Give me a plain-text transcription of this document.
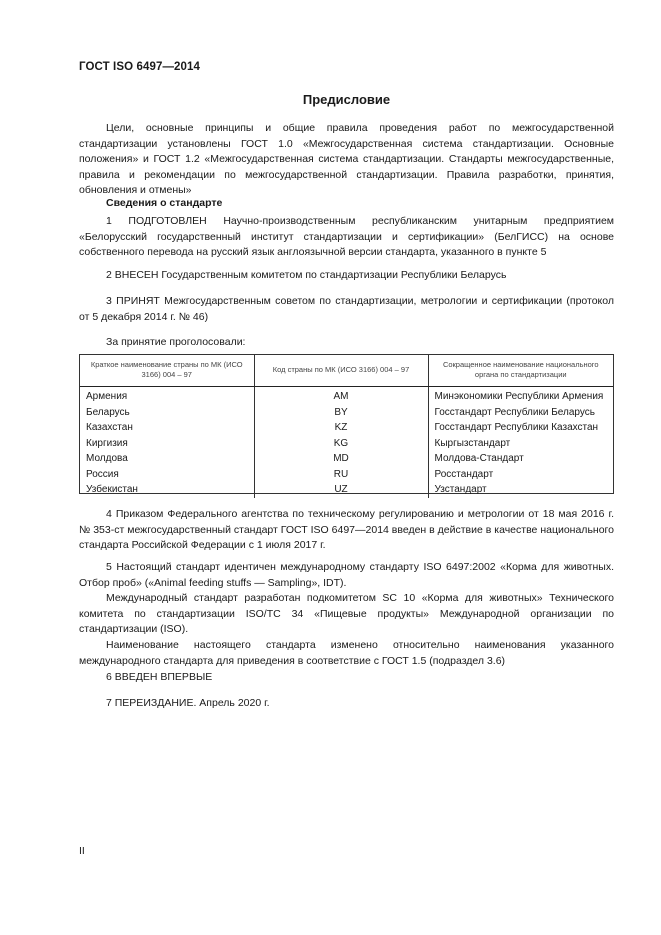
ГОСТ ISO 6497—2014
Предисловие
Цели, основные принципы и общие правила проведения работ по межгосударственной стандартизации установлены ГОСТ 1.0 «Межгосударственная система стандартизации. Основные положения» и ГОСТ 1.2 «Межгосударственная система стандартизации. Стандарты межгосударственные, правила и рекомендации по межгосударственной стандартизации. Правила разработки, принятия, обновления и отмены»
Сведения о стандарте
1 ПОДГОТОВЛЕН Научно-производственным республиканским унитарным предприятием «Белорусский государственный институт стандартизации и сертификации» (БелГИСС) на основе собственного перевода на русский язык англоязычной версии стандарта, указанного в пункте 5
2 ВНЕСЕН Государственным комитетом по стандартизации Республики Беларусь
3 ПРИНЯТ Межгосударственным советом по стандартизации, метрологии и сертификации (протокол от 5 декабря 2014 г. № 46)
За принятие проголосовали:
Краткое наименование страны по МК (ИСО 3166) 004 – 97	Код страны по МК (ИСО 3166) 004 – 97	Сокращенное наименование национального органа по стандартизации
Армения	AM	Минэкономики Республики Армения
Беларусь	BY	Госстандарт Республики Беларусь
Казахстан	KZ	Госстандарт Республики Казахстан
Киргизия	KG	Кыргызстандарт
Молдова	MD	Молдова-Стандарт
Россия	RU	Росстандарт
Узбекистан	UZ	Узстандарт
4 Приказом Федерального агентства по техническому регулированию и метрологии от 18 мая 2016 г. № 353-ст межгосударственный стандарт ГОСТ ISO 6497—2014 введен в действие в качестве национального стандарта Российской Федерации с 1 июля 2017 г.
5 Настоящий стандарт идентичен международному стандарту ISO 6497:2002 «Корма для животных. Отбор проб» («Animal feeding stuffs — Sampling», IDT).
Международный стандарт разработан подкомитетом SC 10 «Корма для животных» Технического комитета по стандартизации ISO/TC 34 «Пищевые продукты» Международной организации по стандартизации (ISO).
Наименование настоящего стандарта изменено относительно наименования указанного международного стандарта для приведения в соответствие с ГОСТ 1.5 (подраздел 3.6)
6 ВВЕДЕН ВПЕРВЫЕ
7 ПЕРЕИЗДАНИЕ. Апрель 2020 г.
II
